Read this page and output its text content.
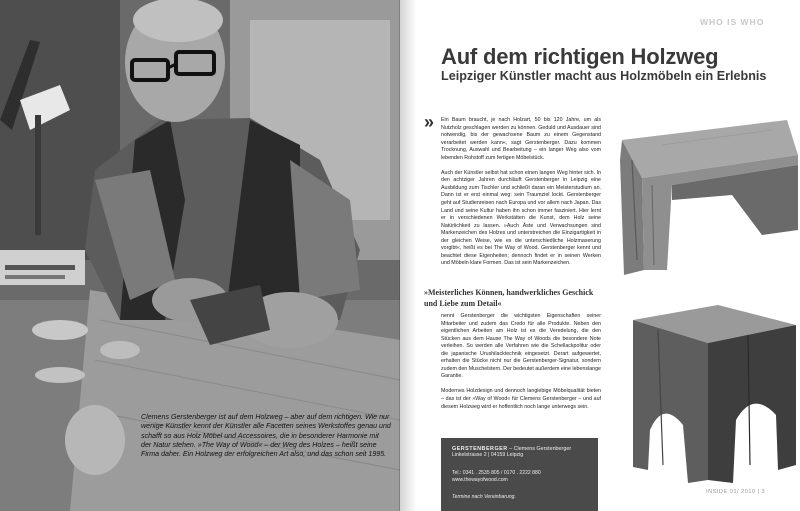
Clemens Gerstenberger ist auf dem Holzweg – aber auf dem richtigen. Wie nur wenige Künstler kennt der Künstler alle Facetten seines Werkstoffes genau und schafft so aus Holz Möbel und Accessoires, die in besonderer Harmonie mit der Natur stehen. »The Way of Wood« – der Weg des Holzes – heißt seine Firma daher. Ein Holzweg der erfolgreichen Art also, und das schon seit 1995.
WHO IS WHO
Auf dem richtigen Holzweg
Leipziger Künstler macht aus Holzmöbeln ein Erlebnis
» Ein Baum braucht, je nach Holzart, 50 bis 120 Jahre, um als Nutzholz geschlagen werden zu können. Geduld und Ausdauer sind notwendig, bis der gewachsene Baum zu einem Gegenstand verarbeitet werden kann«, sagt Gerstenberger. Dazu kommen Trocknung, Auswahl und Bearbeitung – ein langer Weg also vom lebenden Rohstoff zum fertigen Möbelstück.

Auch der Künstler selbst hat schon einen langen Weg hinter sich. In den achtziger Jahren durchläuft Gerstenberger in Leipzig eine Ausbildung zum Tischler und schließt daran ein Meisterstudium an. Dann ist er erst einmal weg: sein Traumziel lockt. Gerstenberger geht auf Studienreisen nach Europa und vor allem nach Japan. Das Land und seine Kultur haben ihn schon immer fasziniert. Hier lernt er in verschiedenen Werkstätten die Kunst, dem Holz seine Natürlichkeit zu lassen. »Auch Äste und Verwachsungen sind Markenzeichen des Holzes und unterstreichen die Einzigartigkeit in der gleichen Weise, wie es die unterschiedliche Holzmaserung vorgibt«, heißt es bei The Way of Wood. Gerstenberger kennt und beachtet diese Eigenheiten; dennoch findet er in seinen Werken und Möbeln klare Formen. Das ist sein Markenzeichen.

»Meisterliches Können, handwerkliches Geschick und Liebe zum Detail«

nennt Gerstenberger die wichtigsten Eigenschaften seiner Mitarbeiter und zudem das Credo für alle Produkte. Neben den eigentlichen Arbeiten am Holz ist es die Veredelung, die den Stücken aus dem Hause The Way of Woods die besondere Note verleihen. So werden alle Verfahren wie die Schellackpolitur oder die japanische Urushilacktechnik eingesetzt. Derart aufgewertet, erhalten die Stücke nicht nur die Gerstenberger-Signatur, sondern zudem den Muschelstern. Der bedeutet außerdem eine lebenslange Garantie.

Modernes Holzdesign und dennoch langlebige Möbelqualität bieten – das ist der »Way of Wood« für Clemens Gerstenberger – und auf diesem Holzweg wird er hoffentlich noch lange unterwegs sein.

GERSTENBERGER – Clemens Gerstenberger
Linkelstrasse 2 | 04159 Leipzig
Tel.: 0341 . 2535 805 / 0170 . 2222 880
www.thewayofwood.com
Termine nach Vereinbarung.
INSIDE 01/ 2010 | 3
